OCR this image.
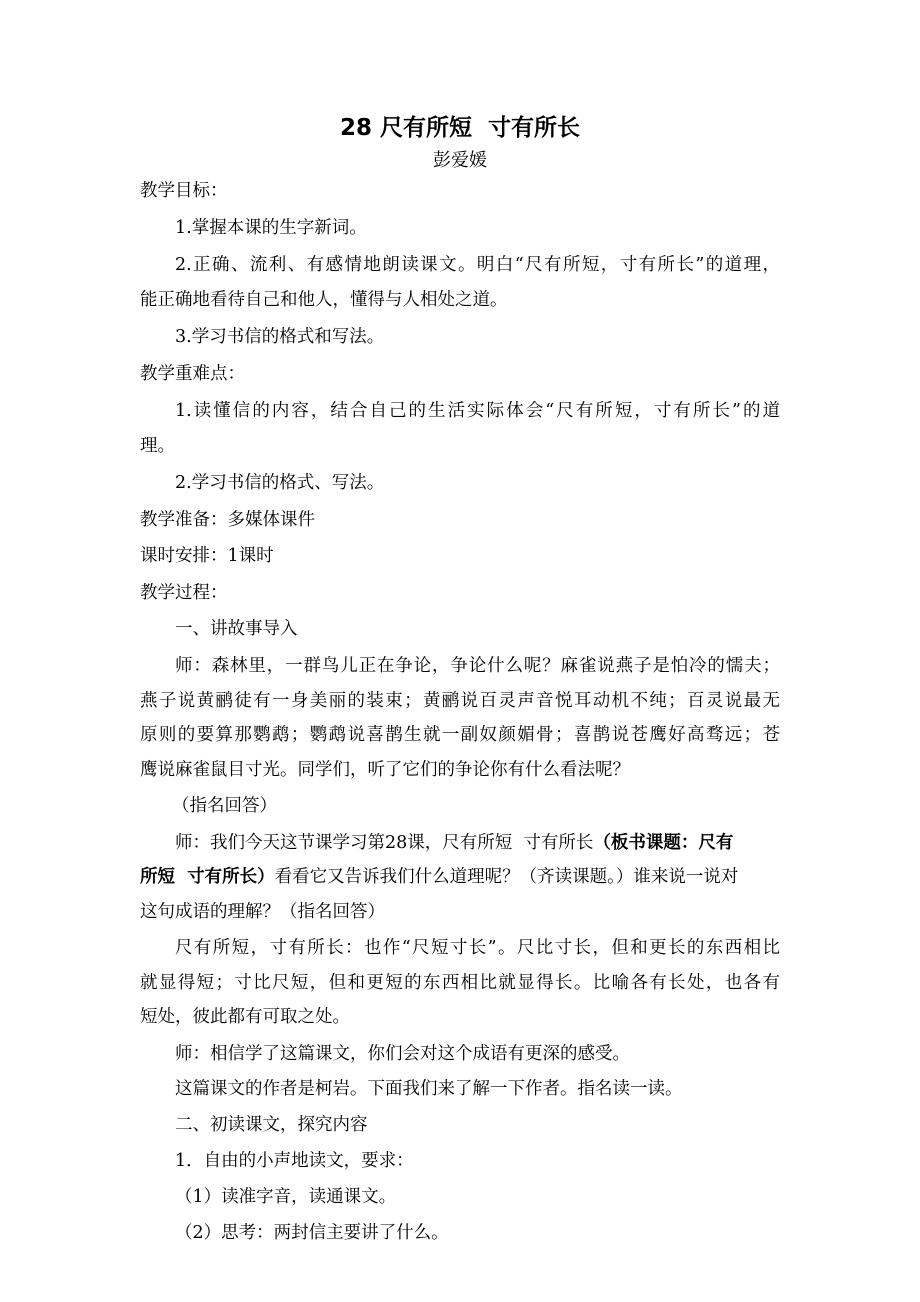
28 尺有所短  寸有所长
彭爱媛
教学目标：
1.掌握本课的生字新词。
2.正确、流利、有感情地朗读课文。明白“尺有所短，寸有所长”的道理，
能正确地看待自己和他人，懂得与人相处之道。
3.学习书信的格式和写法。
教学重难点：
1.读懂信的内容，结合自己的生活实际体会“尺有所短，寸有所长”的道
理。
2.学习书信的格式、写法。
教学准备：多媒体课件
课时安排：1课时
教学过程：
一、讲故事导入
师：森林里，一群鸟儿正在争论，争论什么呢？麻雀说燕子是怕冷的懦夫；
燕子说黄鹂徒有一身美丽的装束；黄鹂说百灵声音悦耳动机不纯；百灵说最无
原则的要算那鹦鹉；鹦鹉说喜鹊生就一副奴颜媚骨；喜鹊说苍鹰好高骛远；苍
鹰说麻雀鼠目寸光。同学们，听了它们的争论你有什么看法呢？
（指名回答）
师：我们今天这节课学习第28课，尺有所短  寸有所长（板书课题：尺有
所短  寸有所长）看看它又告诉我们什么道理呢？（齐读课题。）谁来说一说对
这句成语的理解？（指名回答）
尺有所短，寸有所长：也作“尺短寸长”。尺比寸长，但和更长的东西相比
就显得短；寸比尺短，但和更短的东西相比就显得长。比喻各有长处，也各有
短处，彼此都有可取之处。
师：相信学了这篇课文，你们会对这个成语有更深的感受。
这篇课文的作者是柯岩。下面我们来了解一下作者。指名读一读。
二、初读课文，探究内容
1．自由的小声地读文，要求：
（1）读准字音，读通课文。
（2）思考：两封信主要讲了什么。
